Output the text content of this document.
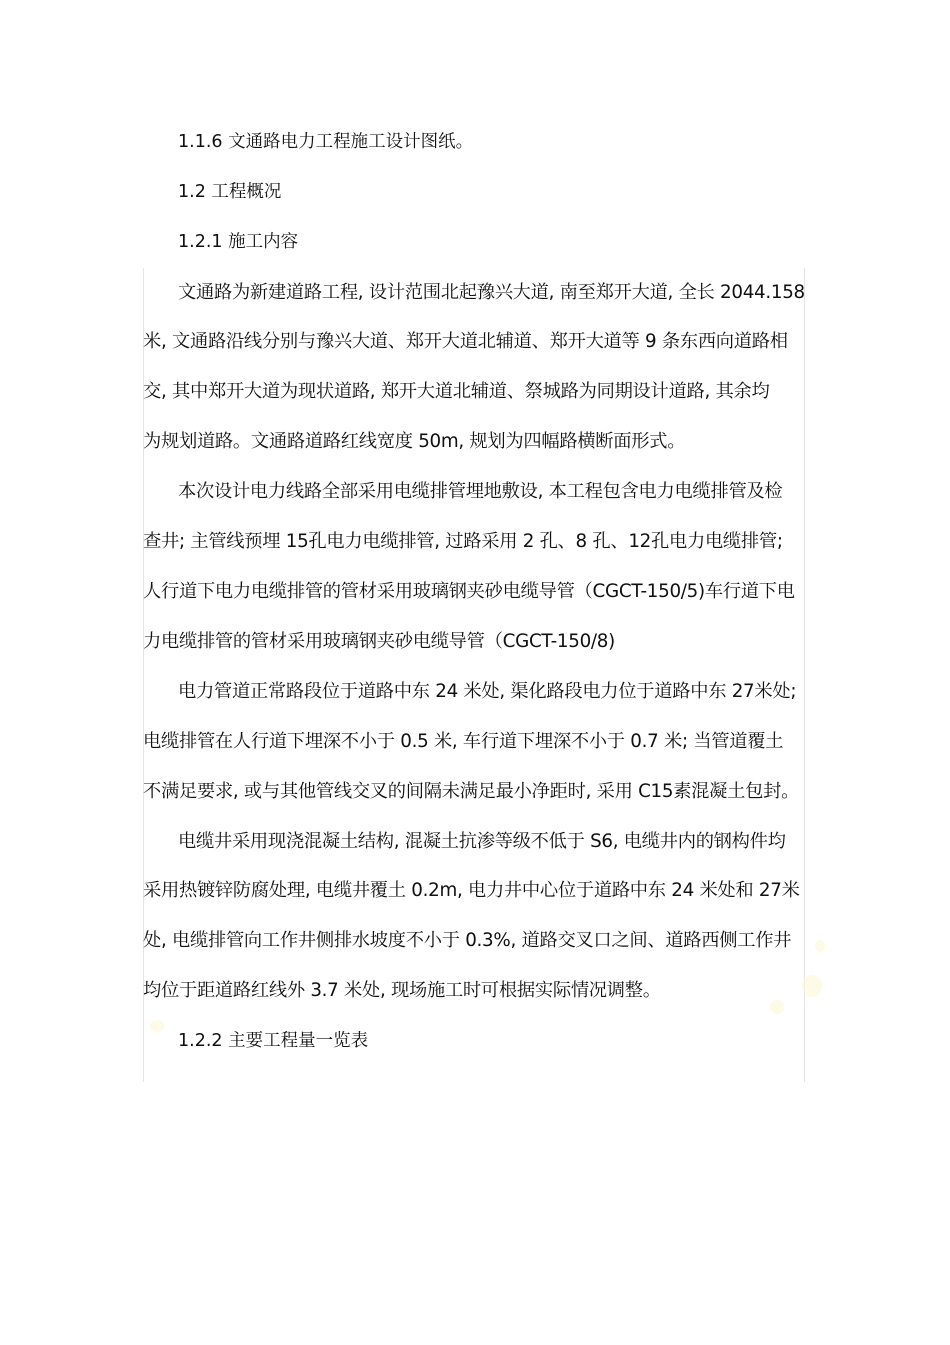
1.1.6 文通路电力工程施工设计图纸。
1.2 工程概况
1.2.1 施工内容
文通路为新建道路工程, 设计范围北起豫兴大道, 南至郑开大道, 全长 2044.158
米, 文通路沿线分别与豫兴大道、郑开大道北辅道、郑开大道等 9 条东西向道路相
交, 其中郑开大道为现状道路, 郑开大道北辅道、祭城路为同期设计道路, 其余均
为规划道路。文通路道路红线宽度 50m, 规划为四幅路横断面形式。
本次设计电力线路全部采用电缆排管埋地敷设, 本工程包含电力电缆排管及检
查井; 主管线预埋 15孔电力电缆排管, 过路采用 2 孔、8 孔、12孔电力电缆排管;
人行道下电力电缆排管的管材采用玻璃钢夹砂电缆导管（CGCT-150/5)车行道下电
力电缆排管的管材采用玻璃钢夹砂电缆导管（CGCT-150/8)
电力管道正常路段位于道路中东 24 米处, 渠化路段电力位于道路中东 27米处;
电缆排管在人行道下埋深不小于 0.5 米, 车行道下埋深不小于 0.7 米; 当管道覆土
不满足要求, 或与其他管线交叉的间隔未满足最小净距时, 采用 C15素混凝土包封。
电缆井采用现浇混凝土结构, 混凝土抗渗等级不低于 S6, 电缆井内的钢构件均
采用热镀锌防腐处理, 电缆井覆土 0.2m, 电力井中心位于道路中东 24 米处和 27米
处, 电缆排管向工作井侧排水坡度不小于 0.3%, 道路交叉口之间、道路西侧工作井
均位于距道路红线外 3.7 米处, 现场施工时可根据实际情况调整。
1.2.2 主要工程量一览表
